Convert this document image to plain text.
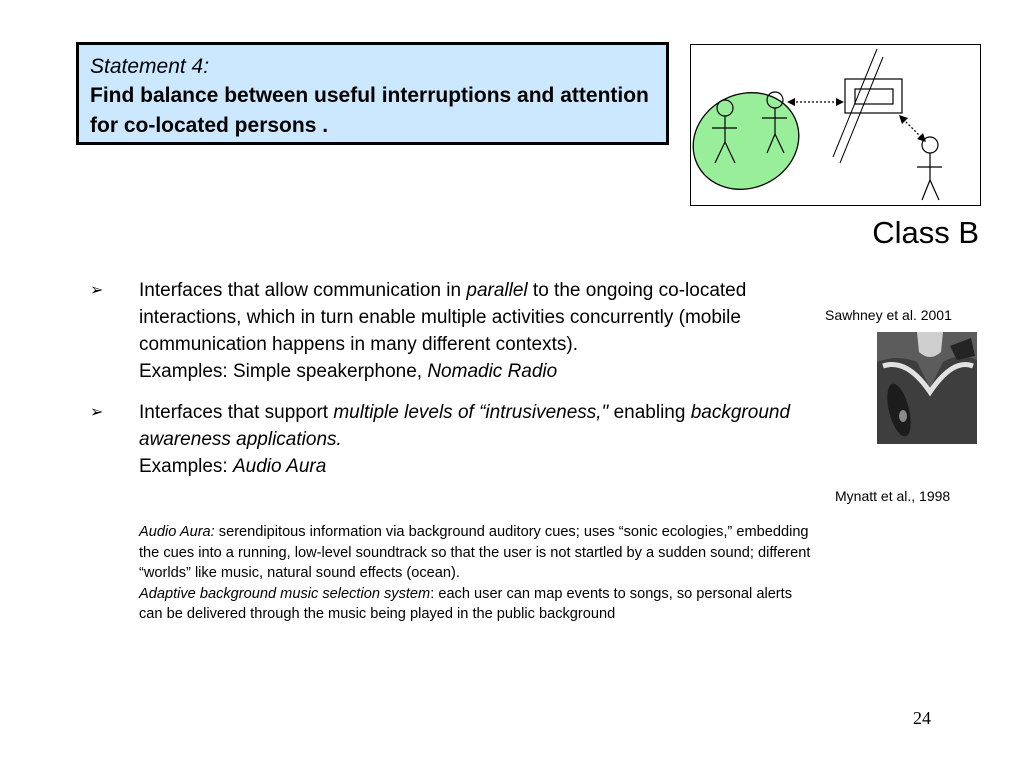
Statement 4:
Find balance between useful interruptions and attention for co-located persons .
Class B
➢ Interfaces that allow communication in parallel to the ongoing co-located interactions, which in turn enable multiple activities concurrently (mobile communication happens in many different contexts).
Examples: Simple speakerphone, Nomadic Radio
➢ Interfaces that support multiple levels of “intrusiveness," enabling background awareness applications.
Examples: Audio Aura
Audio Aura: serendipitous information via background auditory cues; uses “sonic ecologies,” embedding the cues into a running, low-level soundtrack so that the user is not startled by a sudden sound; different “worlds” like music, natural sound effects (ocean).
Adaptive background music selection system: each user can map events to songs, so personal alerts can be delivered through the music being played in the public background
Sawhney et al. 2001
Mynatt et al., 1998
24
